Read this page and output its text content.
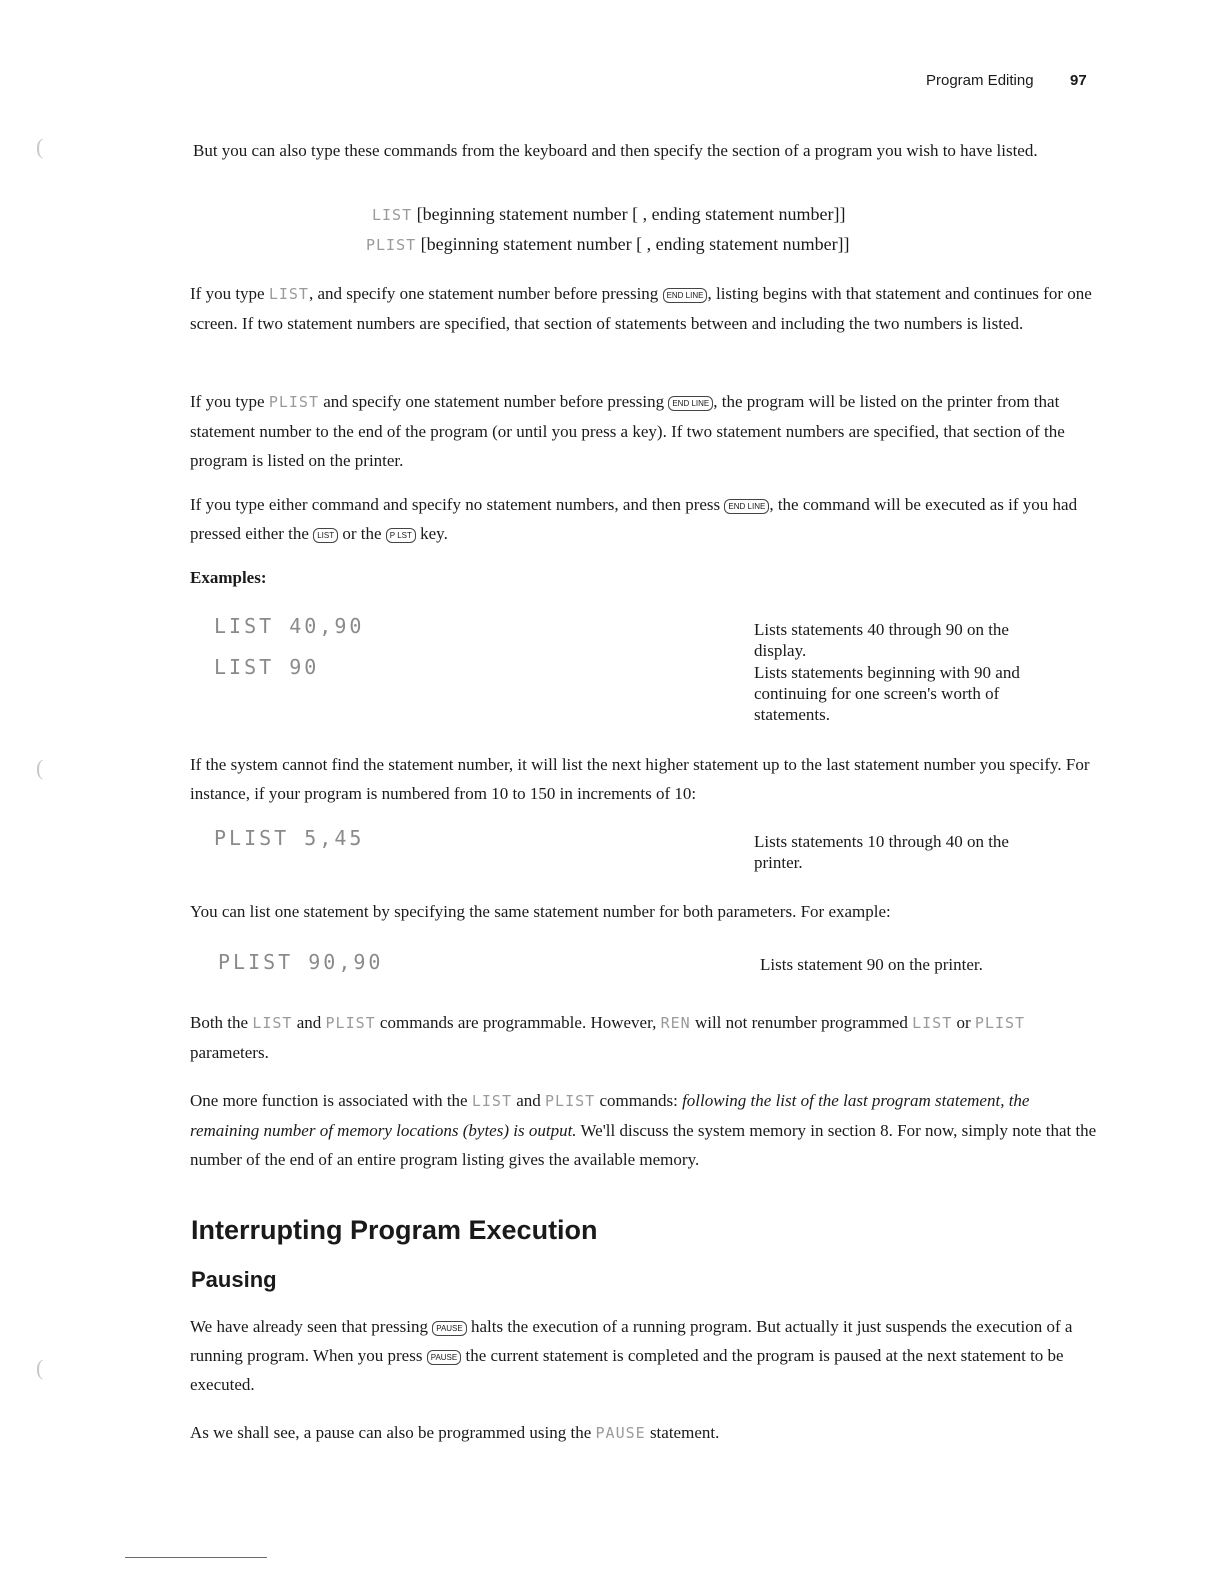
Program Editing 97
(
(
(

But you can also type these commands from the keyboard and then specify the section of a program you wish to have listed.

LIST [beginning statement number [ , ending statement number]]
PLIST [beginning statement number [ , ending statement number]]

If you type LIST, and specify one statement number before pressing END LINE , listing begins with that statement and continues for one screen. If two statement numbers are specified, that section of statements between and including the two numbers is listed.

If you type PLIST and specify one statement number before pressing END LINE , the program will be listed on the printer from that statement number to the end of the program (or until you press a key). If two statement numbers are specified, that section of the program is listed on the printer.

If you type either command and specify no statement numbers, and then press END LINE , the command will be executed as if you had pressed either the LIST or the P LST key.

Examples:
LIST 40,90
LIST 90

Lists statements 40 through 90 on the display.

Lists statements beginning with 90 and continuing for one screen's worth of statements.

If the system cannot find the statement number, it will list the next higher statement up to the last statement number you specify. For instance, if your program is numbered from 10 to 150 in increments of 10:

PLIST 5,45	Lists statements 10 through 40 on the printer.

You can list one statement by specifying the same statement number for both parameters. For example:

PLIST 90,90	Lists statement 90 on the printer.

Both the LIST and PLIST commands are programmable. However, REN will not renumber programmed LIST or PLIST parameters.

One more function is associated with the LIST and PLIST commands: following the list of the last program statement, the remaining number of memory locations (bytes) is output. We'll discuss the system memory in section 8. For now, simply note that the number of the end of an entire program listing gives the available memory.

Interrupting Program Execution
Pausing

We have already seen that pressing PAUSE halts the execution of a running program. But actually it just suspends the execution of a running program. When you press PAUSE the current statement is completed and the program is paused at the next statement to be executed.

As we shall see, a pause can also be programmed using the PAUSE statement.
